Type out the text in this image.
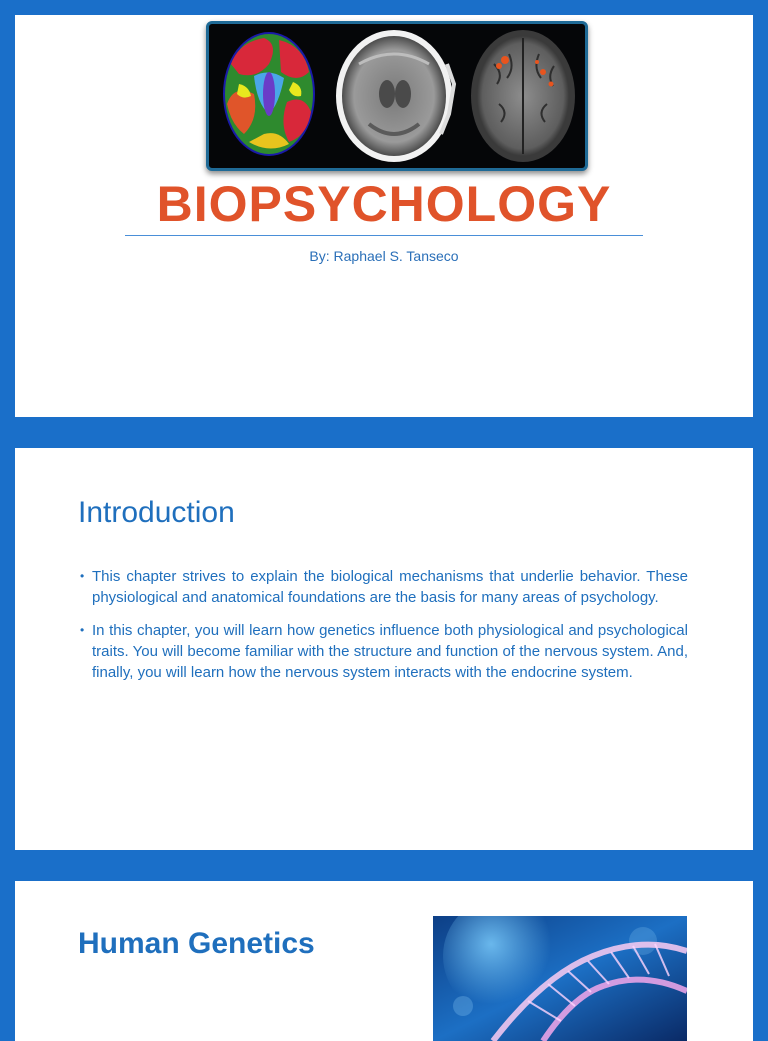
BIOPSYCHOLOGY
By: Raphael S. Tanseco
Introduction
• This chapter strives to explain the biological mechanisms that underlie behavior. These physiological and anatomical foundations are the basis for many areas of psychology.
• In this chapter, you will learn how genetics influence both physiological and psychological traits. You will become familiar with the structure and function of the nervous system. And, finally, you will learn how the nervous system interacts with the endocrine system.
Human Genetics
